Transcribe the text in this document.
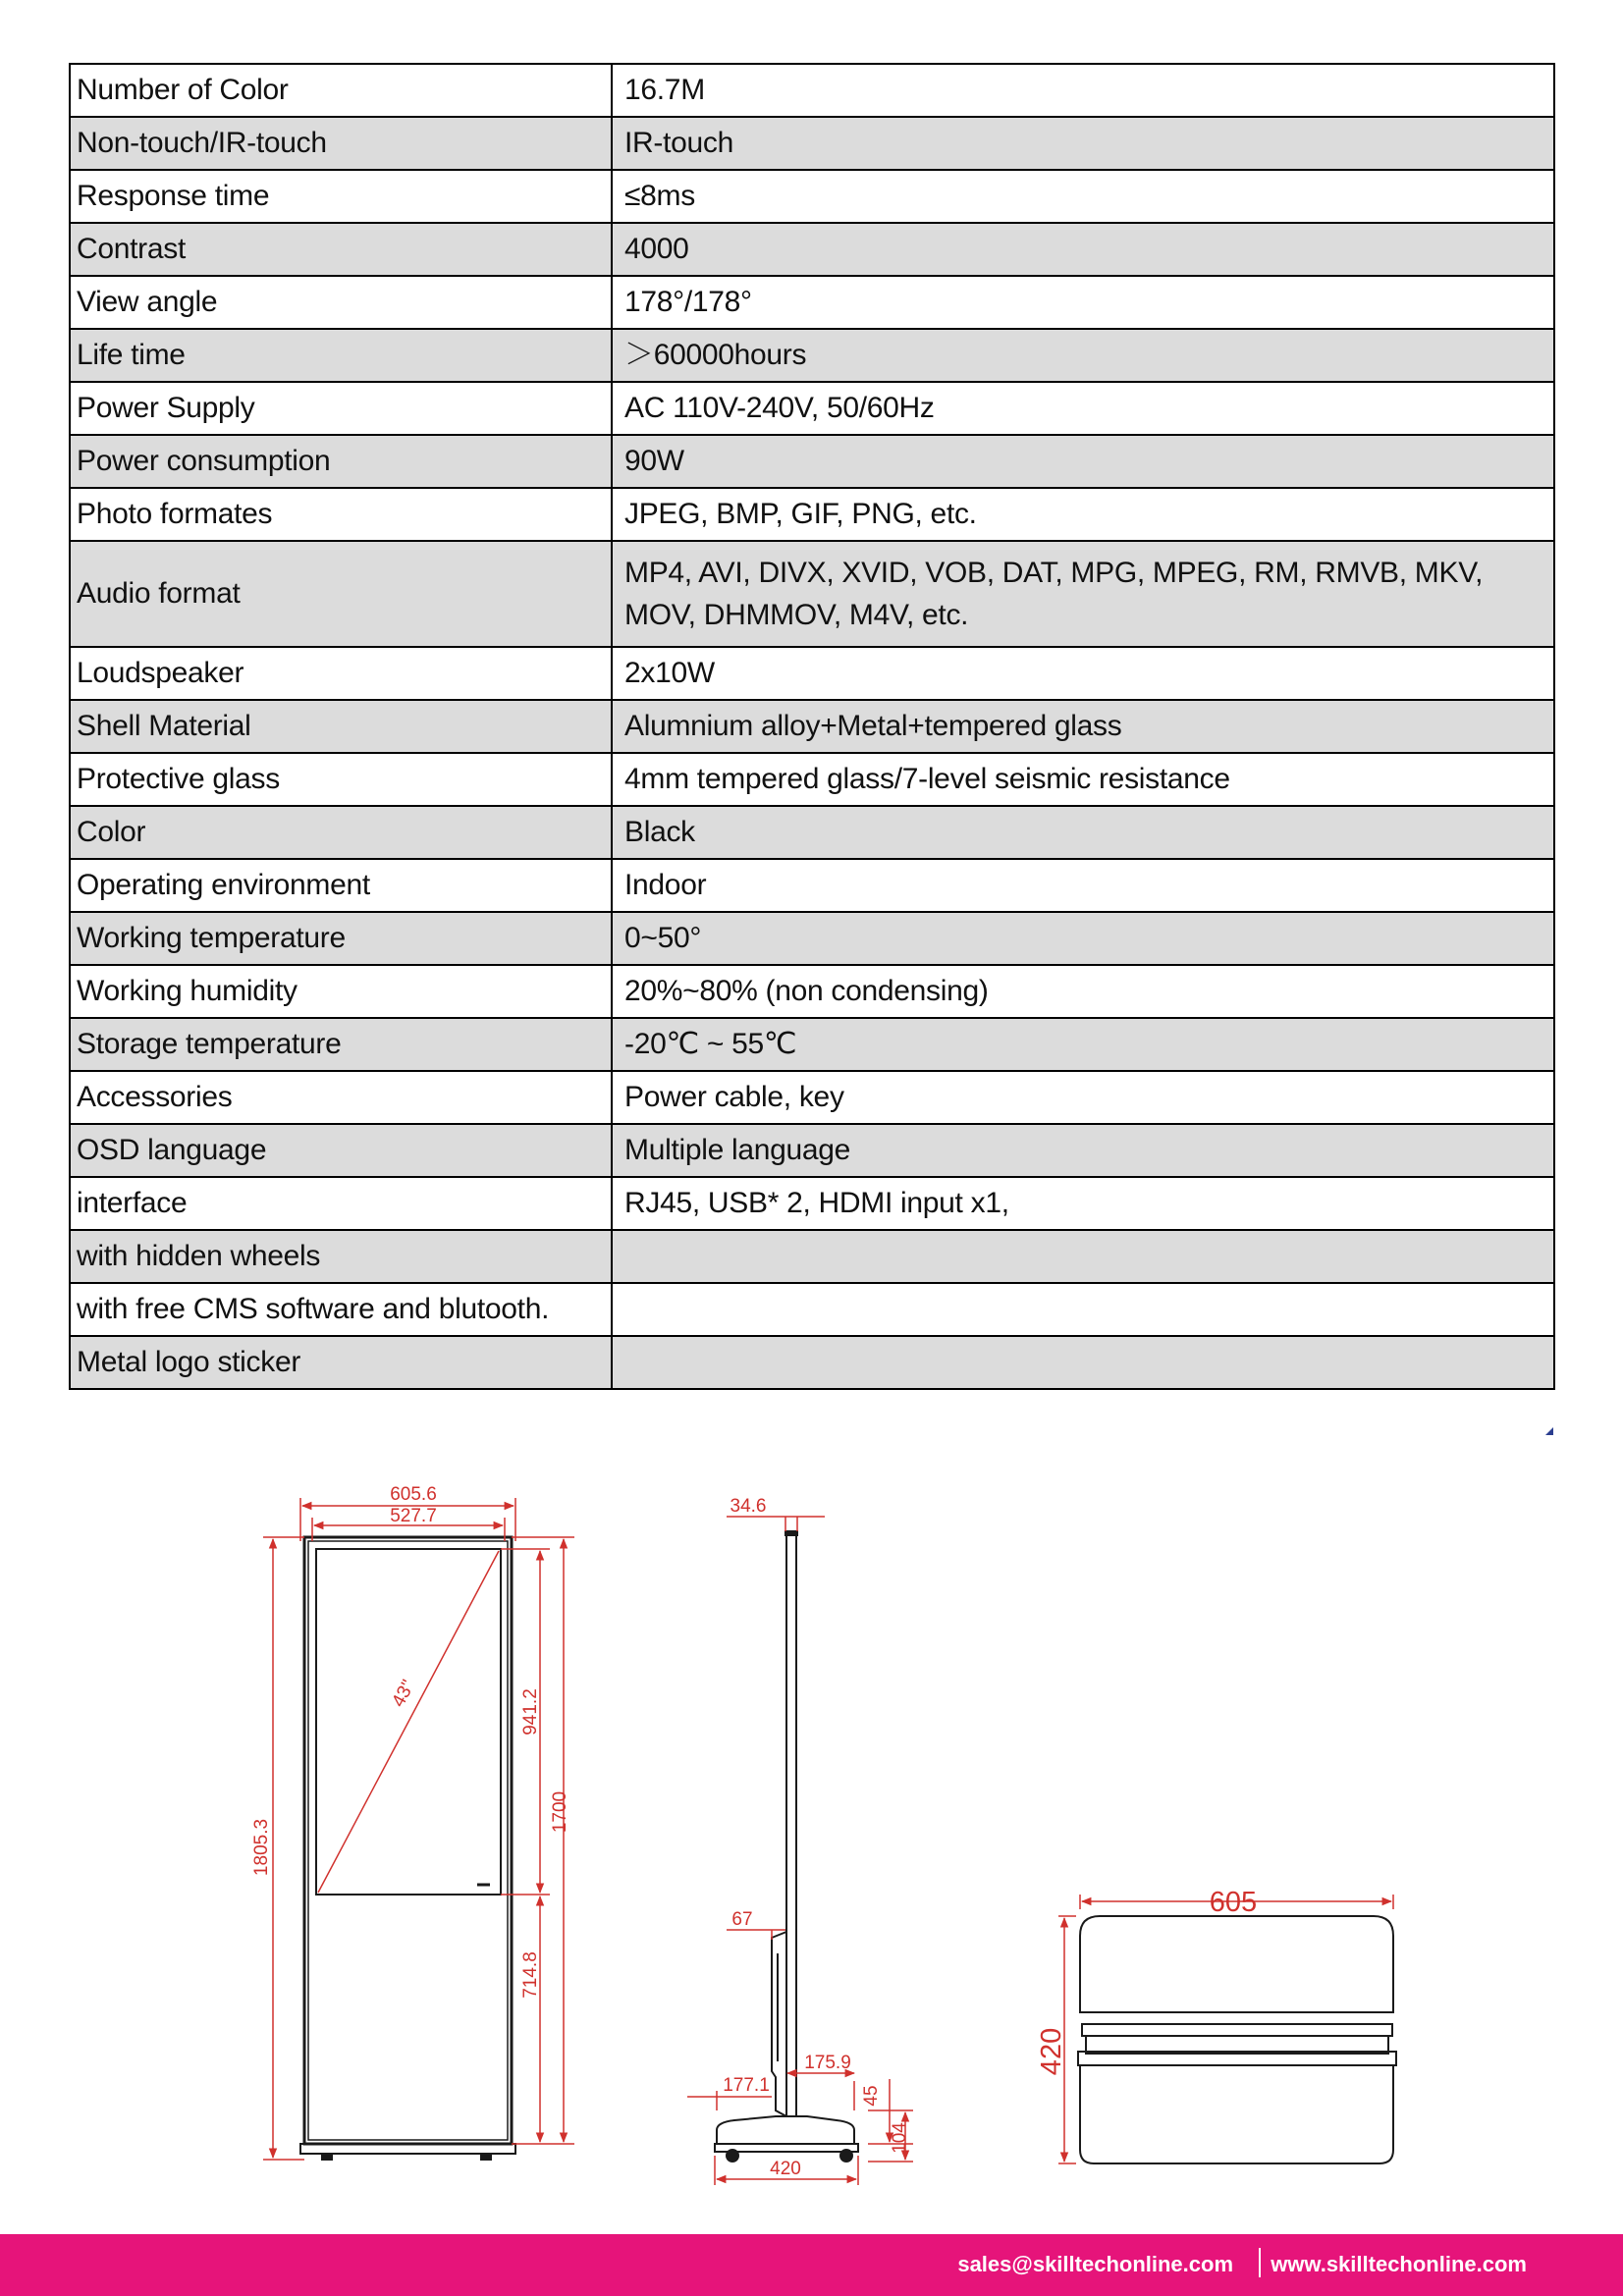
Number of Color	16.7M
Non-touch/IR-touch	IR-touch
Response time	≤8ms
Contrast	4000
View angle	178°/178°
Life time	＞60000hours
Power Supply	AC 110V-240V, 50/60Hz
Power consumption	90W
Photo formates	JPEG, BMP, GIF, PNG, etc.
Audio format	MP4, AVI, DIVX, XVID, VOB, DAT, MPG, MPEG, RM, RMVB, MKV, MOV, DHMMOV, M4V, etc.
Loudspeaker	2x10W
Shell Material	Alumnium alloy+Metal+tempered glass
Protective glass	4mm tempered glass/7-level seismic resistance
Color	Black
Operating environment	Indoor
Working temperature	0~50°
Working humidity	20%~80% (non condensing)
Storage temperature	-20℃ ~ 55℃
Accessories	Power cable, key
OSD language	Multiple language
interface	RJ45, USB* 2, HDMI input x1,
with hidden wheels	
with free CMS software and blutooth.	
Metal logo sticker	
605.6
527.7
1805.3
43"	941.2
1700
714.8
34.6
67
177.1
175.9
45
104
420
605
420
sales@skilltechonline.com www.skilltechonline.com
